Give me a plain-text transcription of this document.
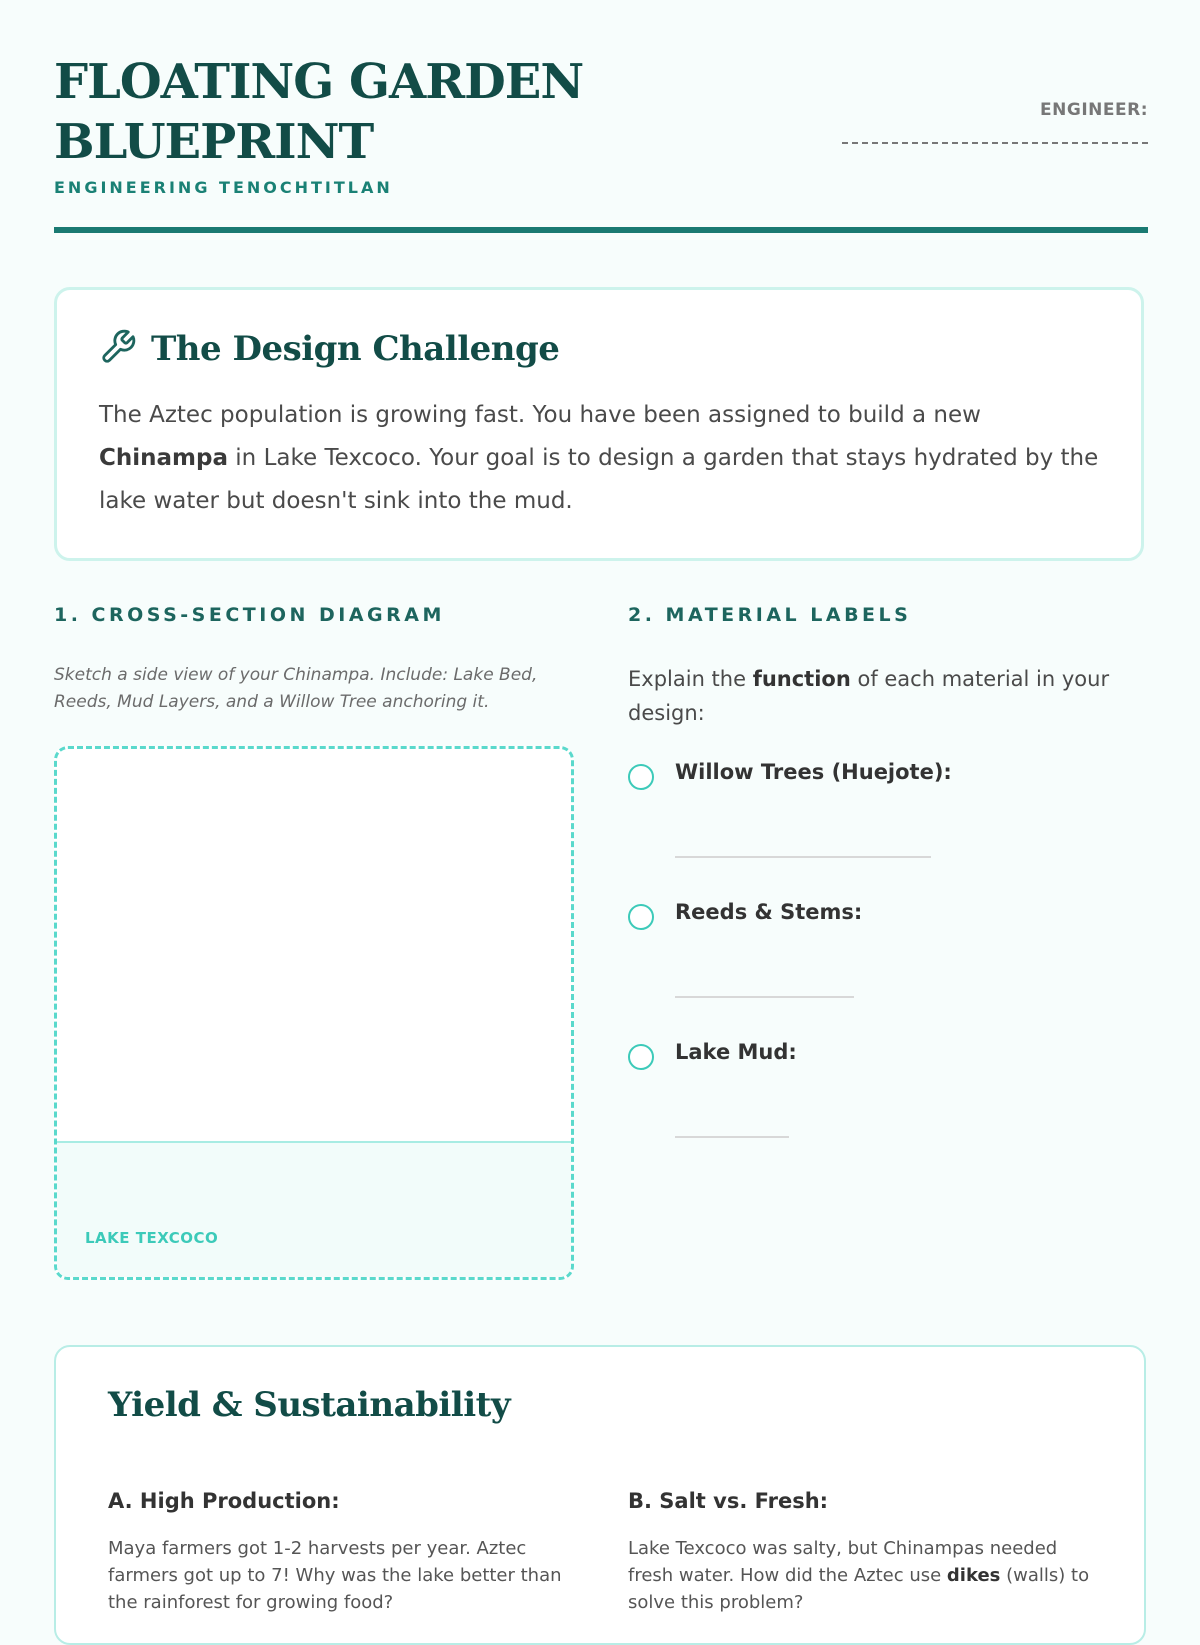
FLOATING GARDEN
BLUEPRINT
ENGINEERING TENOCHTITLAN
ENGINEER:
The Design Challenge
The Aztec population is growing fast. You have been assigned to build a new Chinampa in Lake Texcoco. Your goal is to design a garden that stays hydrated by the lake water but doesn't sink into the mud.
1. CROSS-SECTION DIAGRAM
Sketch a side view of your Chinampa. Include: Lake Bed, Reeds, Mud Layers, and a Willow Tree anchoring it.
LAKE TEXCOCO
2. MATERIAL LABELS
Explain the function of each material in your design:
Willow Trees (Huejote):
Reeds & Stems:
Lake Mud:
Yield & Sustainability
A. High Production:

Maya farmers got 1-2 harvests per year. Aztec farmers got up to 7! Why was the lake better than the rainforest for growing food?

B. Salt vs. Fresh:

Lake Texcoco was salty, but Chinampas needed fresh water. How did the Aztec use dikes (walls) to solve this problem?
